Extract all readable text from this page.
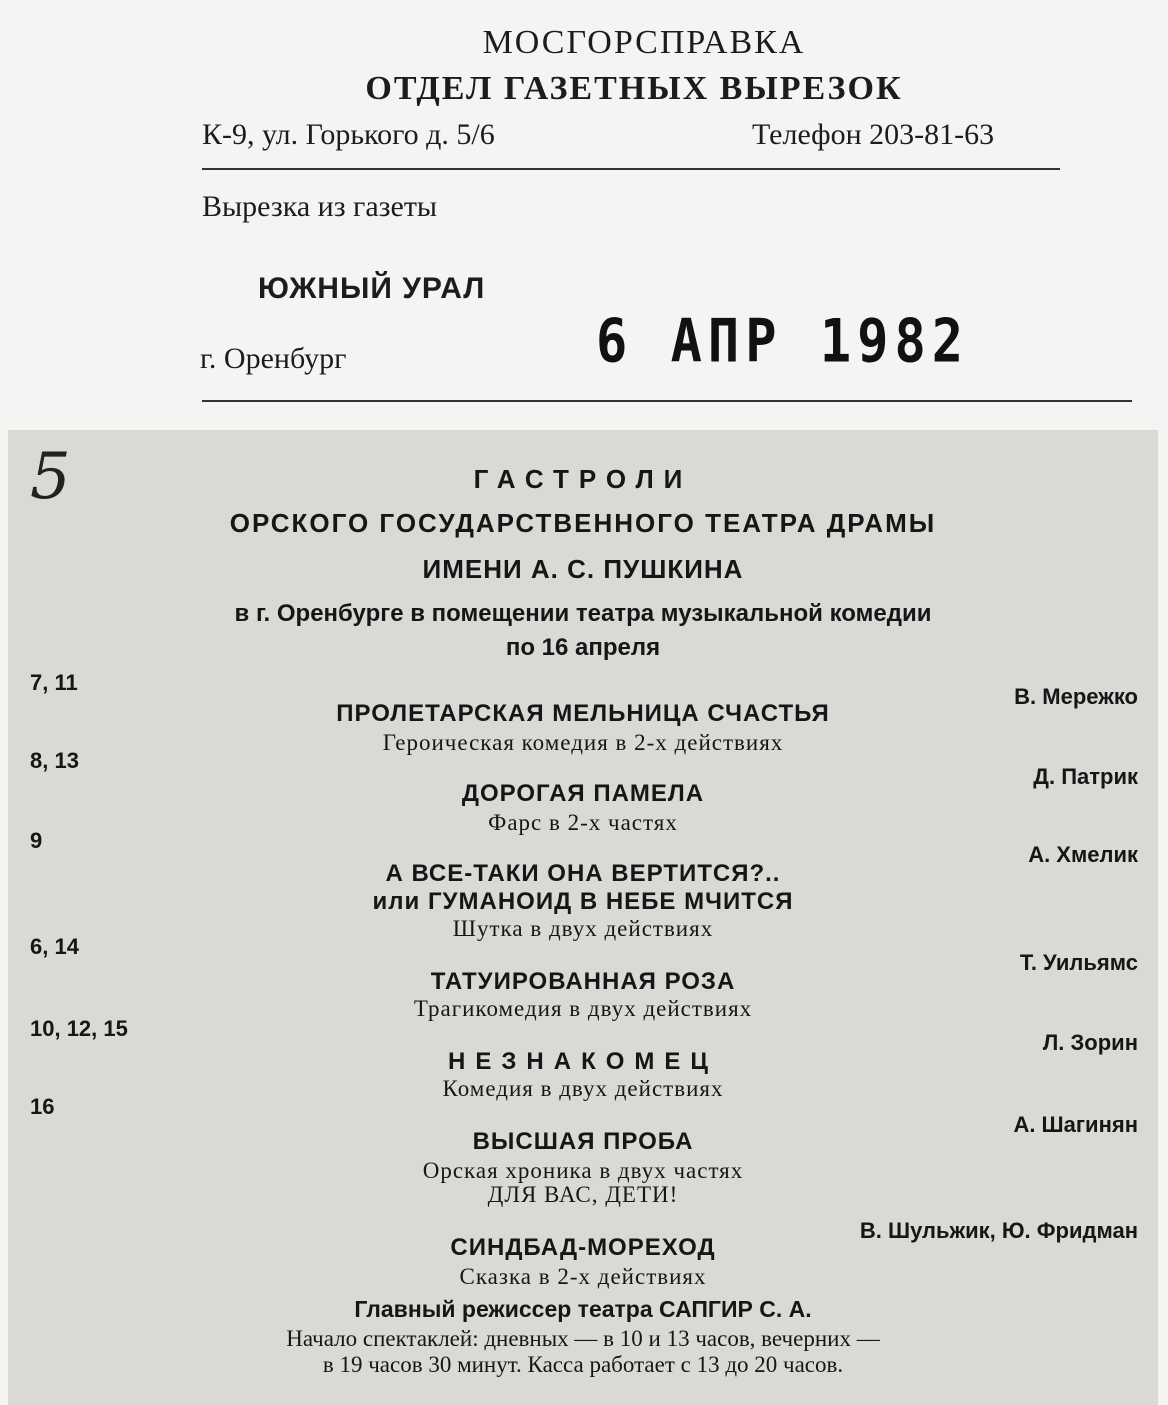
МОСГОРСПРАВКА
ОТДЕЛ ГАЗЕТНЫХ ВЫРЕЗОК
К-9, ул. Горького д. 5/6	Телефон 203-81-63
Вырезка из газеты
ЮЖНЫЙ УРАЛ
г. Оренбург	6 АПР 1982
ГАСТРОЛИ
ОРСКОГО ГОСУДАРСТВЕННОГО ТЕАТРА ДРАМЫ
ИМЕНИ А. С. ПУШКИНА
в г. Оренбурге в помещении театра музыкальной комедии
по 16 апреля
7, 11
В. Мережко
ПРОЛЕТАРСКАЯ МЕЛЬНИЦА СЧАСТЬЯ
Героическая комедия в 2-х действиях
8, 13
Д. Патрик
ДОРОГАЯ ПАМЕЛА
Фарс в 2-х частях
9
А. Хмелик
А ВСЕ-ТАКИ ОНА ВЕРТИТСЯ?..
или ГУМАНОИД В НЕБЕ МЧИТСЯ
Шутка в двух действиях
6, 14
Т. Уильямс
ТАТУИРОВАННАЯ РОЗА
Трагикомедия в двух действиях
10, 12, 15
Л. Зорин
НЕЗНАКОМЕЦ
Комедия в двух действиях
16
А. Шагинян
ВЫСШАЯ ПРОБА
Орская хроника в двух частях
ДЛЯ ВАС, ДЕТИ!
В. Шульжик, Ю. Фридман
СИНДБАД-МОРЕХОД
Сказка в 2-х действиях
Главный режиссер театра САПГИР С. А.
Начало спектаклей: дневных — в 10 и 13 часов, вечерних —
в 19 часов 30 минут. Касса работает с 13 до 20 часов.
5
